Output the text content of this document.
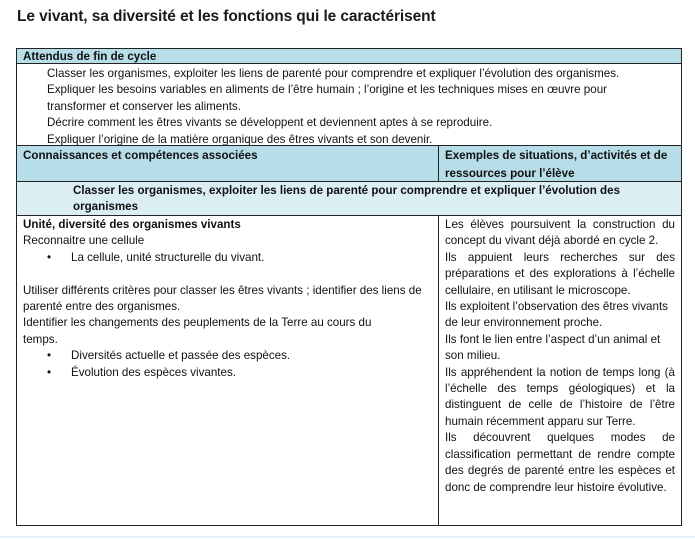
Le vivant, sa diversité et les fonctions qui le caractérisent
Attendus de fin de cycle
Classer les organismes, exploiter les liens de parenté pour comprendre et expliquer l’évolution des organismes.
Expliquer les besoins variables en aliments de l’être humain ; l’origine et les techniques mises en œuvre pour transformer et conserver les aliments.
Décrire comment les êtres vivants se développent et deviennent aptes à se reproduire.
Expliquer l’origine de la matière organique des êtres vivants et son devenir.
Connaissances et compétences associées	Exemples de situations, d’activités et de
ressources pour l’élève
Classer les organismes, exploiter les liens de parenté pour comprendre et expliquer l’évolution des organismes
Unité, diversité des organismes vivants
Reconnaitre une cellule
• La cellule, unité structurelle du vivant.
Utiliser différents critères pour classer les êtres vivants ; identifier des liens de parenté entre des organismes.
Identifier les changements des peuplements de la Terre au cours du temps.
• Diversités actuelle et passée des espèces.
• Évolution des espèces vivantes.
Les élèves poursuivent la construction du concept du vivant déjà abordé en cycle 2.
Ils appuient leurs recherches sur des préparations et des explorations à l’échelle cellulaire, en utilisant le microscope.
Ils exploitent l’observation des êtres vivants de leur environnement proche.
Ils font le lien entre l’aspect d’un animal et son milieu.
Ils appréhendent la notion de temps long (à l’échelle des temps géologiques) et la distinguent de celle de l’histoire de l’être humain récemment apparu sur Terre.
Ils découvrent quelques modes de classification permettant de rendre compte des degrés de parenté entre les espèces et donc de comprendre leur histoire évolutive.
